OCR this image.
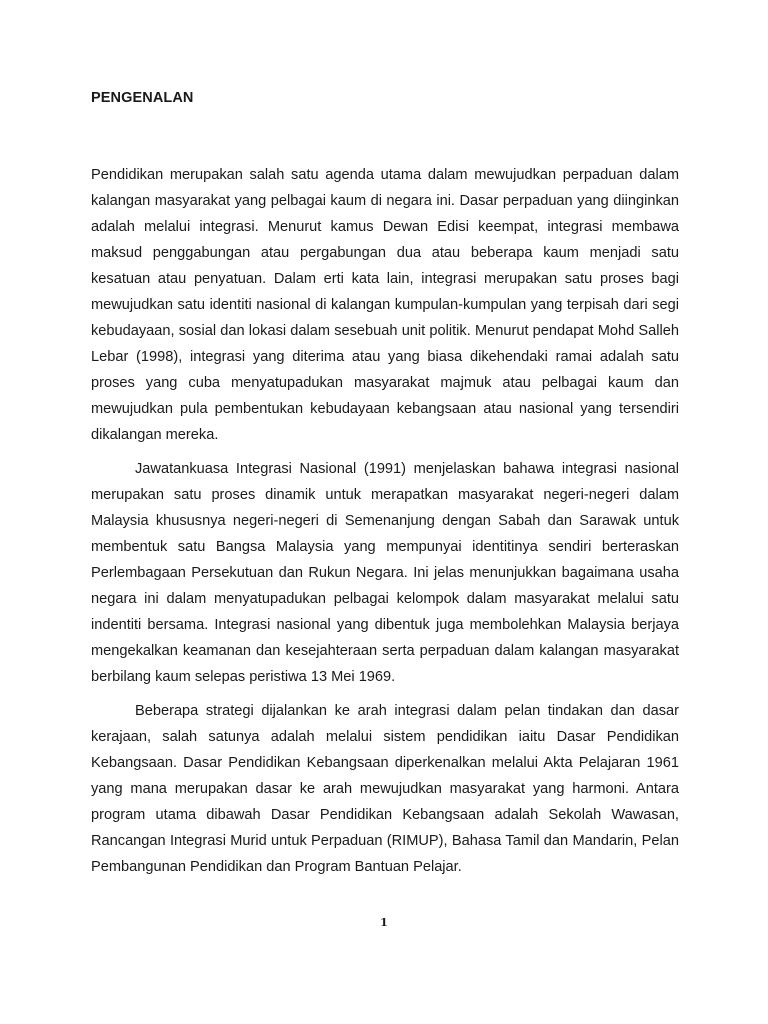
PENGENALAN

Pendidikan merupakan salah satu agenda utama dalam mewujudkan perpaduan dalam kalangan masyarakat yang pelbagai kaum di negara ini. Dasar perpaduan yang diinginkan adalah melalui integrasi. Menurut kamus Dewan Edisi keempat, integrasi membawa maksud penggabungan atau pergabungan dua atau beberapa kaum menjadi satu kesatuan atau penyatuan. Dalam erti kata lain, integrasi merupakan satu proses bagi mewujudkan satu identiti nasional di kalangan kumpulan-kumpulan yang terpisah dari segi kebudayaan, sosial dan lokasi dalam sesebuah unit politik. Menurut pendapat Mohd Salleh Lebar (1998), integrasi yang diterima atau yang biasa dikehendaki ramai adalah satu proses yang cuba menyatupadukan masyarakat majmuk atau pelbagai kaum dan mewujudkan pula pembentukan kebudayaan kebangsaan atau nasional yang tersendiri dikalangan mereka.

Jawatankuasa Integrasi Nasional (1991) menjelaskan bahawa integrasi nasional merupakan satu proses dinamik untuk merapatkan masyarakat negeri-negeri dalam Malaysia khususnya negeri-negeri di Semenanjung dengan Sabah dan Sarawak untuk membentuk satu Bangsa Malaysia yang mempunyai identitinya sendiri berteraskan Perlembagaan Persekutuan dan Rukun Negara. Ini jelas menunjukkan bagaimana usaha negara ini dalam menyatupadukan pelbagai kelompok dalam masyarakat melalui satu indentiti bersama. Integrasi nasional yang dibentuk juga membolehkan Malaysia berjaya mengekalkan keamanan dan kesejahteraan serta perpaduan dalam kalangan masyarakat berbilang kaum selepas peristiwa 13 Mei 1969.

Beberapa strategi dijalankan ke arah integrasi dalam pelan tindakan dan dasar kerajaan, salah satunya adalah melalui sistem pendidikan iaitu Dasar Pendidikan Kebangsaan. Dasar Pendidikan Kebangsaan diperkenalkan melalui Akta Pelajaran 1961 yang mana merupakan dasar ke arah mewujudkan masyarakat yang harmoni. Antara program utama dibawah Dasar Pendidikan Kebangsaan adalah Sekolah Wawasan, Rancangan Integrasi Murid untuk Perpaduan (RIMUP), Bahasa Tamil dan Mandarin, Pelan Pembangunan Pendidikan dan Program Bantuan Pelajar.

1
